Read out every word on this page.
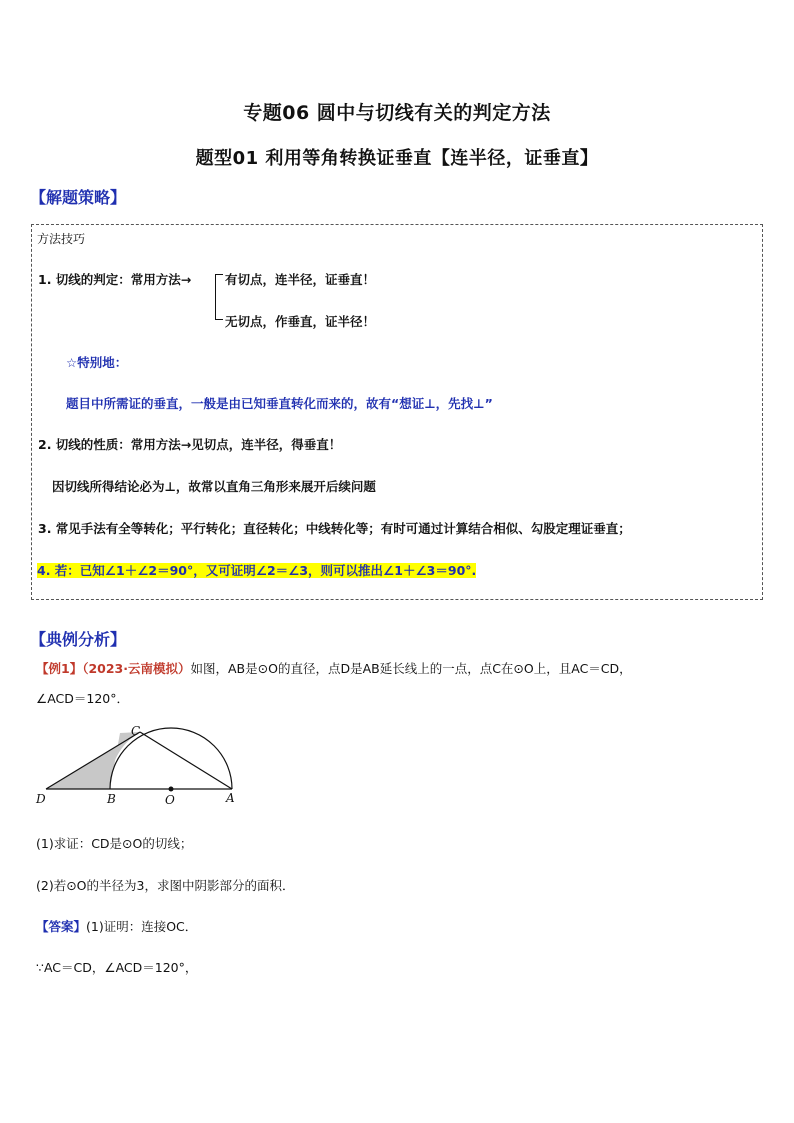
专题06 圆中与切线有关的判定方法
题型01 利用等角转换证垂直【连半径，证垂直】
【解题策略】
方法技巧
1. 切线的判定：常用方法→	有切点，连半径，证垂直！
无切点，作垂直，证半径！
☆特别地：
题目中所需证的垂直，一般是由已知垂直转化而来的，故有“想证⊥，先找⊥”
2. 切线的性质：常用方法→见切点，连半径，得垂直！
因切线所得结论必为⊥，故常以直角三角形来展开后续问题
3. 常见手法有全等转化；平行转化；直径转化；中线转化等；有时可通过计算结合相似、勾股定理证垂直；
4. 若：已知∠1＋∠2＝90°，又可证明∠2＝∠3，则可以推出∠1＋∠3＝90°.
【典例分析】
【例1】（2023·云南模拟）如图，AB是⊙O的直径，点D是AB延长线上的一点，点C在⊙O上，且AC＝CD，
∠ACD＝120°．
C
D	B	O	A
(1)求证：CD是⊙O的切线；
(2)若⊙O的半径为3，求图中阴影部分的面积．
【答案】(1)证明：连接OC．
∵AC＝CD，∠ACD＝120°，
